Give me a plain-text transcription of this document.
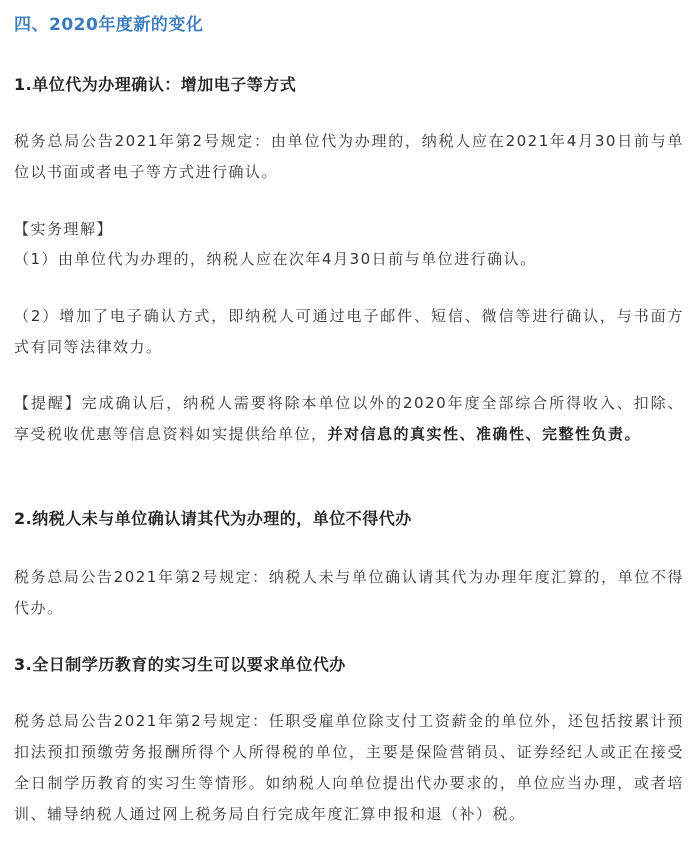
四、2020年度新的变化
1.单位代为办理确认：增加电子等方式

税务总局公告2021年第2号规定：由单位代为办理的，纳税人应在2021年4月30日前与单位以书面或者电子等方式进行确认。

【实务理解】

（1）由单位代为办理的，纳税人应在次年4月30日前与单位进行确认。

（2）增加了电子确认方式，即纳税人可通过电子邮件、短信、微信等进行确认，与书面方式有同等法律效力。

【提醒】完成确认后，纳税人需要将除本单位以外的2020年度全部综合所得收入、扣除、享受税收优惠等信息资料如实提供给单位，并对信息的真实性、准确性、完整性负责。

2.纳税人未与单位确认请其代为办理的，单位不得代办

税务总局公告2021年第2号规定：纳税人未与单位确认请其代为办理年度汇算的，单位不得代办。

3.全日制学历教育的实习生可以要求单位代办

税务总局公告2021年第2号规定：任职受雇单位除支付工资薪金的单位外，还包括按累计预扣法预扣预缴劳务报酬所得个人所得税的单位，主要是保险营销员、证券经纪人或正在接受全日制学历教育的实习生等情形。如纳税人向单位提出代办要求的，单位应当办理，或者培训、辅导纳税人通过网上税务局自行完成年度汇算申报和退（补）税。
